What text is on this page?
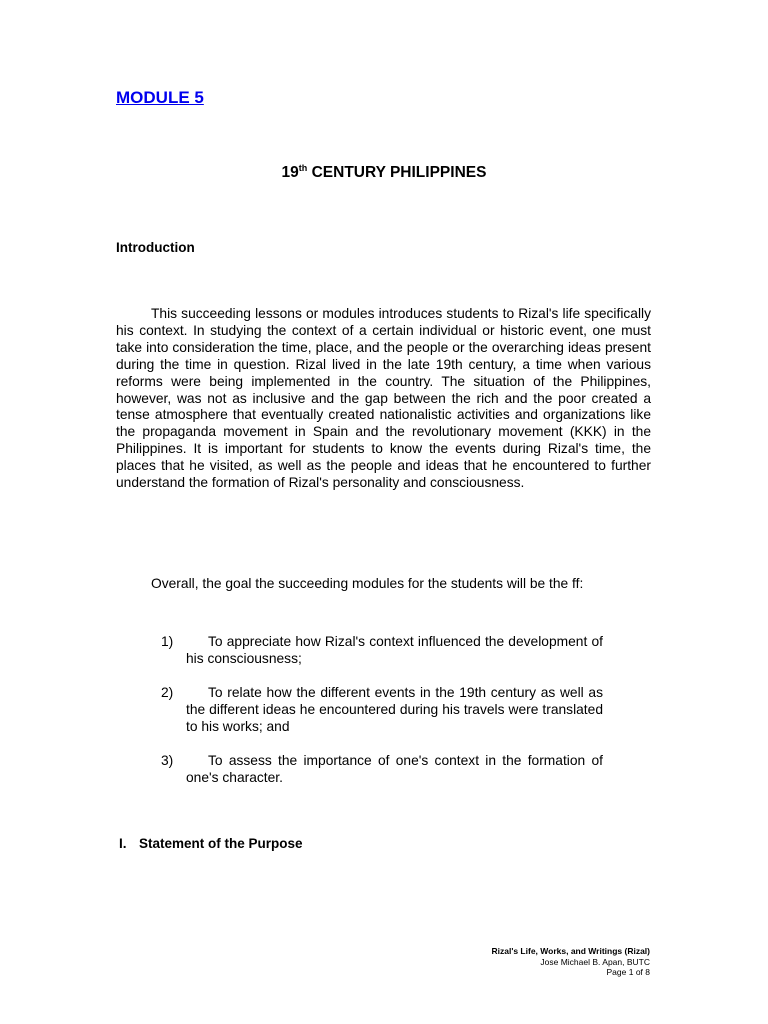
MODULE 5
19th CENTURY PHILIPPINES
Introduction

This succeeding lessons or modules introduces students to Rizal's life specifically his context. In studying the context of a certain individual or historic event, one must take into consideration the time, place, and the people or the overarching ideas present during the time in question. Rizal lived in the late 19th century, a time when various reforms were being implemented in the country. The situation of the Philippines, however, was not as inclusive and the gap between the rich and the poor created a tense atmosphere that eventually created nationalistic activities and organizations like the propaganda movement in Spain and the revolutionary movement (KKK) in the Philippines. It is important for students to know the events during Rizal's time, the places that he visited, as well as the people and ideas that he encountered to further understand the formation of Rizal's personality and consciousness.

Overall, the goal the succeeding modules for the students will be the ff:

1)	To appreciate how Rizal's context influenced the development of his consciousness;

2)	To relate how the different events in the 19th century as well as the different ideas he encountered during his travels were translated to his works; and

3)	To assess the importance of one's context in the formation of one's character.

I. Statement of the Purpose
Rizal's Life, Works, and Writings (Rizal)
Jose Michael B. Apan, BUTC
Page 1 of 8
